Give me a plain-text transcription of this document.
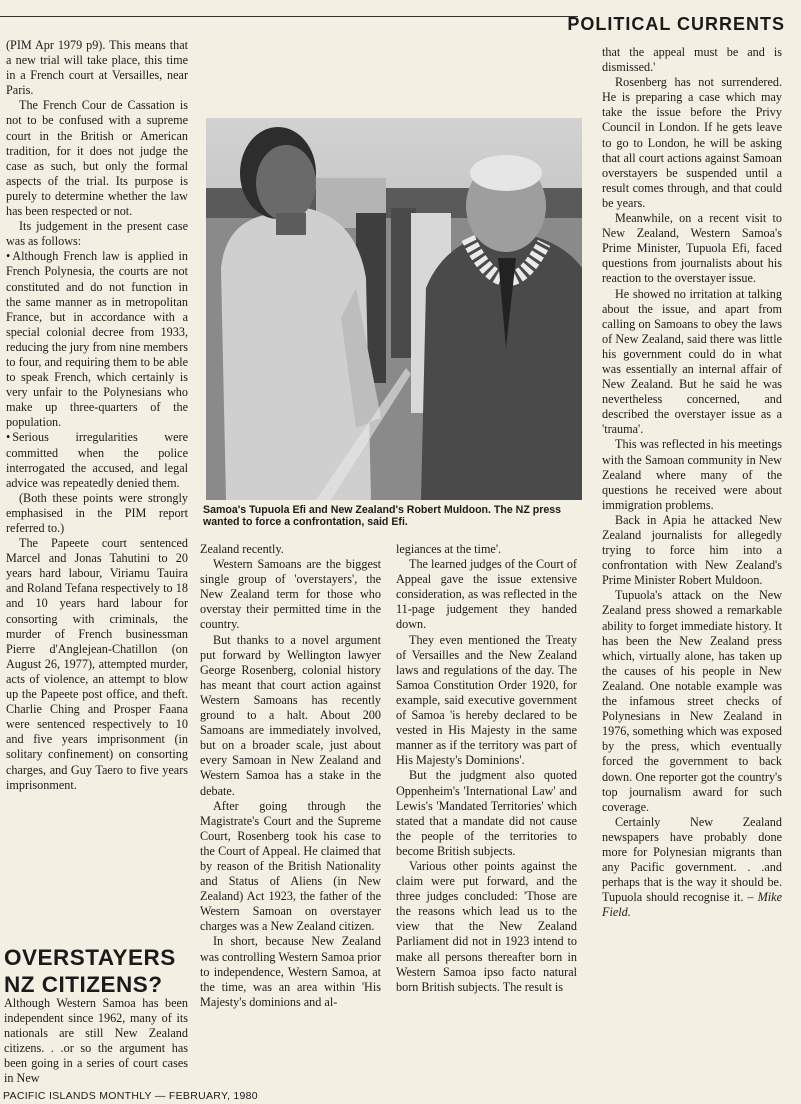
POLITICAL CURRENTS

(PIM Apr 1979 p9). This means that a new trial will take place, this time in a French court at Versailles, near Paris.

The French Cour de Cassation is not to be confused with a supreme court in the British or American tradition, for it does not judge the case as such, but only the formal aspects of the trial. Its purpose is purely to determine whether the law has been respected or not.

Its judgement in the present case was as follows:

• Although French law is applied in French Polynesia, the courts are not constituted and do not function in the same manner as in metropolitan France, but in accordance with a special colonial decree from 1933, reducing the jury from nine members to four, and requiring them to be able to speak French, which certainly is very unfair to the Polynesians who make up three-quarters of the population.

• Serious irregularities were committed when the police interrogated the accused, and legal advice was repeatedly denied them.

(Both these points were strongly emphasised in the PIM report referred to.)

The Papeete court sentenced Marcel and Jonas Tahutini to 20 years hard labour, Viriamu Tauira and Roland Tefana respectively to 18 and 10 years hard labour for consorting with criminals, the murder of French businessman Pierre d'Anglejean-Chatillon (on August 26, 1977), attempted murder, acts of violence, an attempt to blow up the Papeete post office, and theft. Charlie Ching and Prosper Faana were sentenced respectively to 10 and five years imprisonment (in solitary confinement) on consorting charges, and Guy Taero to five years imprisonment.

OVERSTAYERS
NZ CITIZENS?

Although Western Samoa has been independent since 1962, many of its nationals are still New Zealand citizens. . .or so the argument has been going in a series of court cases in New

Samoa's Tupuola Efi and New Zealand's Robert Muldoon. The NZ press wanted to force a confrontation, said Efi.

Zealand recently.

Western Samoans are the biggest single group of 'overstayers', the New Zealand term for those who overstay their permitted time in the country.

But thanks to a novel argument put forward by Wellington lawyer George Rosenberg, colonial history has meant that court action against Western Samoans has recently ground to a halt. About 200 Samoans are immediately involved, but on a broader scale, just about every Samoan in New Zealand and Western Samoa has a stake in the debate.

After going through the Magistrate's Court and the Supreme Court, Rosenberg took his case to the Court of Appeal. He claimed that by reason of the British Nationality and Status of Aliens (in New Zealand) Act 1923, the father of the Western Samoan on overstayer charges was a New Zealand citizen.

In short, because New Zealand was controlling Western Samoa prior to independence, Western Samoa, at the time, was an area within 'His Majesty's dominions and al-

legiances at the time'.

The learned judges of the Court of Appeal gave the issue extensive consideration, as was reflected in the 11-page judgement they handed down.

They even mentioned the Treaty of Versailles and the New Zealand laws and regulations of the day. The Samoa Constitution Order 1920, for example, said executive government of Samoa 'is hereby declared to be vested in His Majesty in the same manner as if the territory was part of His Majesty's Dominions'.

But the judgment also quoted Oppenheim's 'International Law' and Lewis's 'Mandated Territories' which stated that a mandate did not cause the people of the territories to become British subjects.

Various other points against the claim were put forward, and the three judges concluded: 'Those are the reasons which lead us to the view that the New Zealand Parliament did not in 1923 intend to make all persons thereafter born in Western Samoa ipso facto natural born British subjects. The result is

that the appeal must be and is dismissed.'

Rosenberg has not surrendered. He is preparing a case which may take the issue before the Privy Council in London. If he gets leave to go to London, he will be asking that all court actions against Samoan overstayers be suspended until a result comes through, and that could be years.

Meanwhile, on a recent visit to New Zealand, Western Samoa's Prime Minister, Tupuola Efi, faced questions from journalists about his reaction to the overstayer issue.

He showed no irritation at talking about the issue, and apart from calling on Samoans to obey the laws of New Zealand, said there was little his government could do in what was essentially an internal affair of New Zealand. But he said he was nevertheless concerned, and described the overstayer issue as a 'trauma'.

This was reflected in his meetings with the Samoan community in New Zealand where many of the questions he received were about immigration problems.

Back in Apia he attacked New Zealand journalists for allegedly trying to force him into a confrontation with New Zealand's Prime Minister Robert Muldoon.

Tupuola's attack on the New Zealand press showed a remarkable ability to forget immediate history. It has been the New Zealand press which, virtually alone, has taken up the causes of his people in New Zealand. One notable example was the infamous street checks of Polynesians in New Zealand in 1976, something which was exposed by the press, which eventually forced the government to back down. One reporter got the country's top journalism award for such coverage.

Certainly New Zealand newspapers have probably done more for Polynesian migrants than any Pacific government. . .and perhaps that is the way it should be. Tupuola should recognise it. – Mike Field.

PACIFIC ISLANDS MONTHLY — FEBRUARY, 1980
